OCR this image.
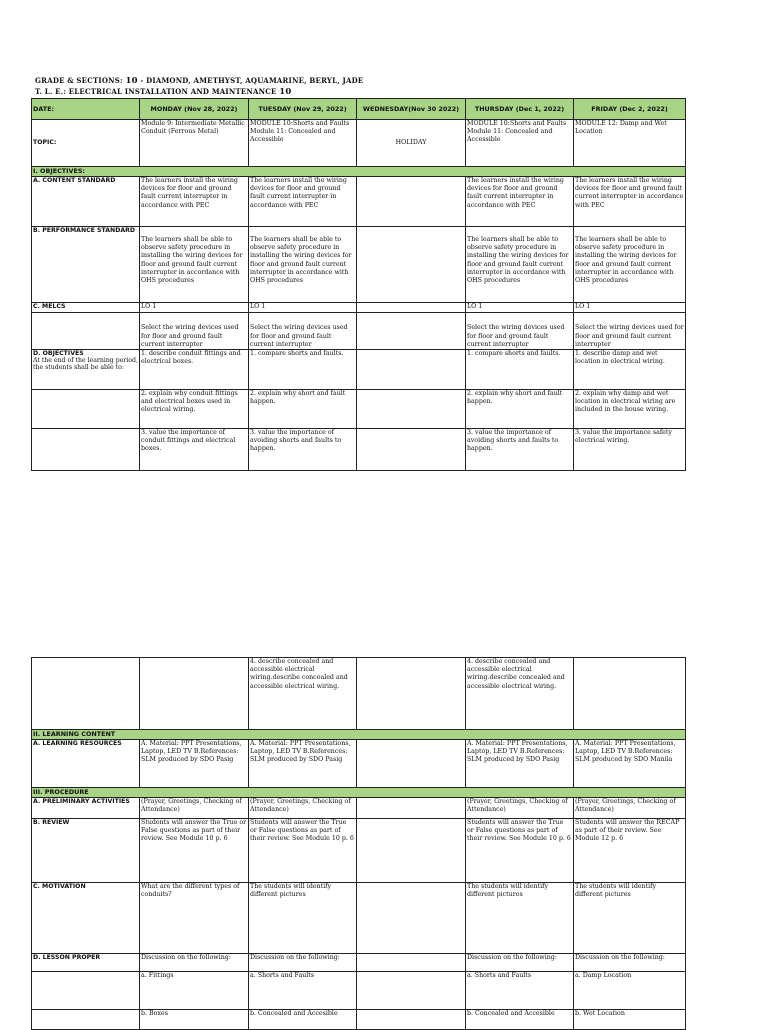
GRADE & SECTIONS: 10 - DIAMOND, AMETHYST, AQUAMARINE, BERYL, JADE
T. L. E.: ELECTRICAL INSTALLATION AND MAINTENANCE 10
DATE:	MONDAY (Nov 28, 2022)	TUESDAY (Nov 29, 2022)	WEDNESDAY(Nov 30 2022)	THURSDAY (Dec 1, 2022)	FRIDAY (Dec 2, 2022)
TOPIC:	Module 9: Intermediate Metallic Conduit (Ferrous Metal)	MODULE 10:Shorts and Faults Module 11: Concealed and Accessible	HOLIDAY	MODULE 10:Shorts and Faults Module 11: Concealed and Accessible	MODULE 12: Damp and Wet Location
I. OBJECTIVES:					
A. CONTENT STANDARD	The learners install the wiring devices for floor and ground fault current interrupter in accordance with PEC	The learners install the wiring devices for floor and ground fault current interrupter in accordance with PEC		The learners install the wiring devices for floor and ground fault current interrupter in accordance with PEC	The learners install the wiring devices for floor and ground fault current interrupter in accordance with PEC
B. PERFORMANCE STANDARD	The learners shall be able to observe safety procedure in installing the wiring devices for floor and ground fault current interrupter in accordance with OHS procedures	The learners shall be able to observe safety procedure in installing the wiring devices for floor and ground fault current interrupter in accordance with OHS procedures		The learners shall be able to observe safety procedure in installing the wiring devices for floor and ground fault current interrupter in accordance with OHS procedures	The learners shall be able to observe safety procedure in installing the wiring devices for floor and ground fault current interrupter in accordance with OHS procedures
C. MELCS	LO 1	LO 1		LO 1	LO 1
	Select the wiring devices used for floor and ground fault current interrupter	Select the wiring devices used for floor and ground fault current interrupter		Select the wiring devices used for floor and ground fault current interrupter	Select the wiring devices used for floor and ground fault current interrupter
D. OBJECTIVES
At the end of the learning period, the students shall be able to:	1. describe conduit fittings and electrical boxes.	1. compare shorts and faults.		1. compare shorts and faults.	1. describe damp and wet location in electrical wiring.
	2. explain why conduit fittings and electrical boxes used in electrical wiring.	2. explain why short and fault happen.		2. explain why short and fault happen.	2. explain why damp and wet location in electrical wiring are included in the house wiring.
	3. value the importance of conduit fittings and electrical boxes.	3. value the importance of avoiding shorts and faults to happen.		3. value the importance of avoiding shorts and faults to happen.	3. value the importance safety electrical wiring.
		4. describe concealed and accessible electrical wiring.describe concealed and accessible electrical wiring.		4. describe concealed and accessible electrical wiring.describe concealed and accessible electrical wiring.	
II. LEARNING CONTENT					
A. LEARNING RESOURCES	A. Material: PPT Presentations, Laptop, LED TV B.References: SLM produced by SDO Pasig	A. Material: PPT Presentations, Laptop, LED TV B.References: SLM produced by SDO Pasig		A. Material: PPT Presentations, Laptop, LED TV B.References: SLM produced by SDO Pasig	A. Material: PPT Presentations, Laptop, LED TV B.References: SLM produced by SDO Manila
III. PROCEDURE					
A. PRELIMINARY ACTIVITIES	(Prayer, Greetings, Checking of Attendance)	(Prayer, Greetings, Checking of Attendance)		(Prayer, Greetings, Checking of Attendance)	(Prayer, Greetings, Checking of Attendance)
B. REVIEW	Students will answer the True or False questions as part of their review. See Module 10 p. 6	Students will answer the True or False questions as part of their review. See Module 10 p. 6		Students will answer the True or False questions as part of their review. See Module 10 p. 6	Students will answer the RECAP as part of their review. See Module 12 p. 6
C. MOTIVATION	What are the different types of conduits?	The students will identify different pictures		The students will identify different pictures	The students will identify different pictures
D. LESSON PROPER	Discussion on the following:	Discussion on the following:		Discussion on the following:	Discussion on the following:
	a. Fittings	a. Shorts and Faults		a. Shorts and Faults	a. Damp Location
	b. Boxes	b. Concealed and Accesible		b. Concealed and Accesible	b. Wet Location
